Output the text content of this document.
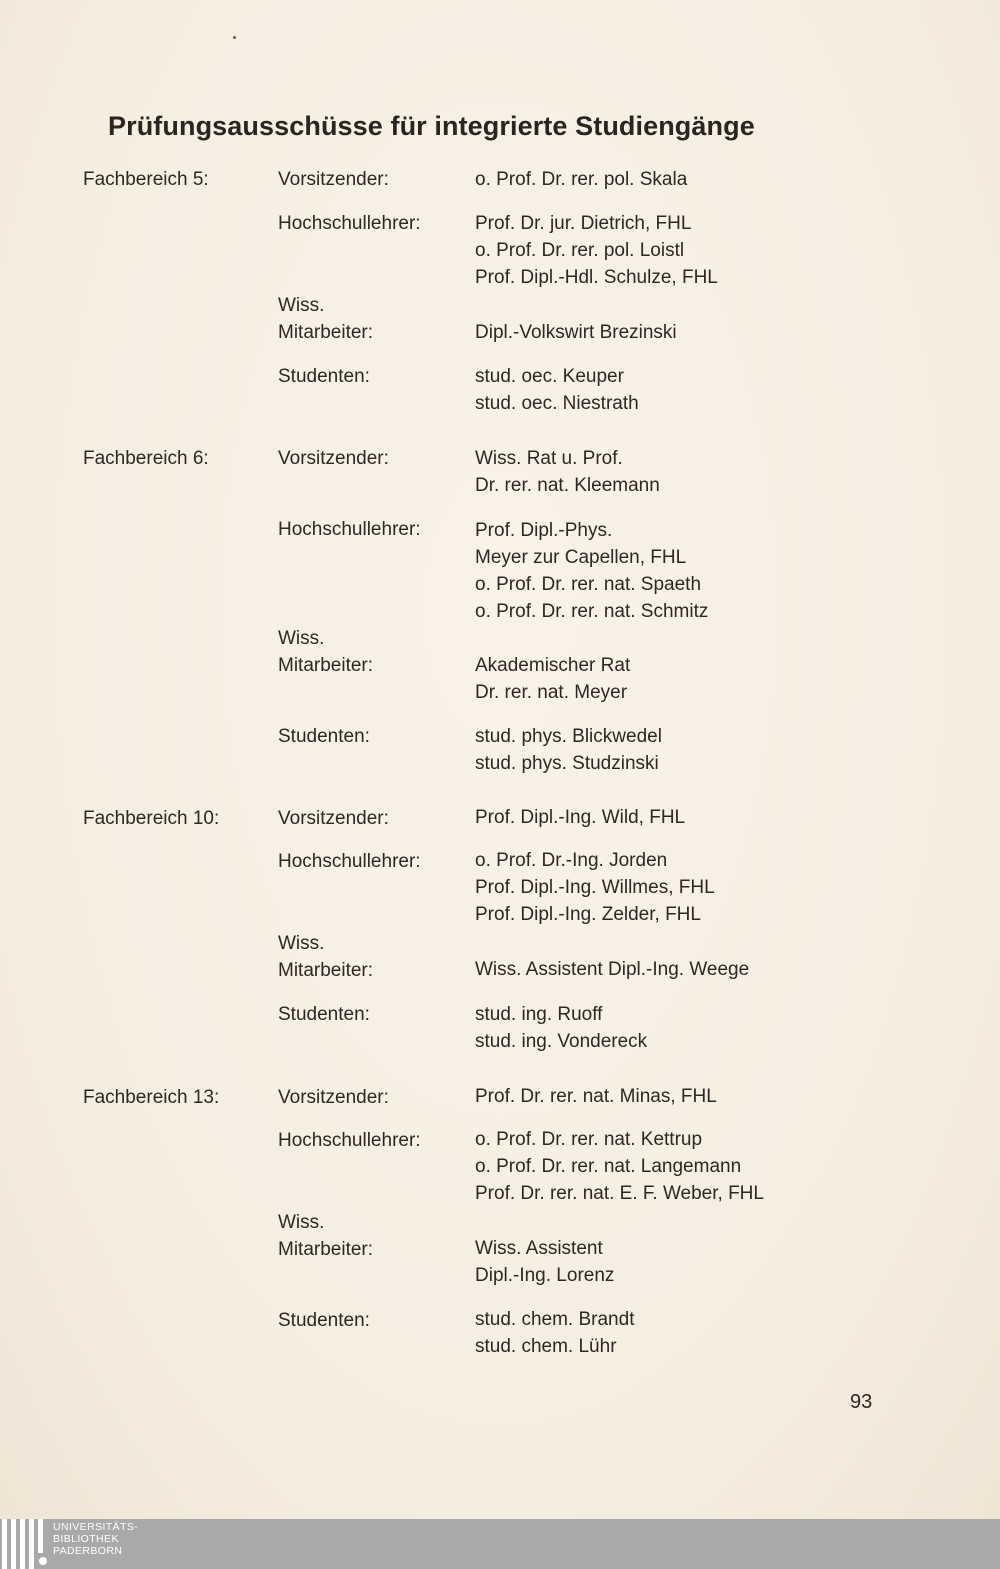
Prüfungsausschüsse für integrierte Studiengänge
Fachbereich 5:	Vorsitzender:	o. Prof. Dr. rer. pol. Skala
Hochschullehrer:	Prof. Dr. jur. Dietrich, FHL
o. Prof. Dr. rer. pol. Loistl
Prof. Dipl.-Hdl. Schulze, FHL
Wiss.
Mitarbeiter:	Dipl.-Volkswirt Brezinski
Studenten:	stud. oec. Keuper
stud. oec. Niestrath
Fachbereich 6:	Vorsitzender:	Wiss. Rat u. Prof.
Dr. rer. nat. Kleemann
Hochschullehrer:	Prof. Dipl.-Phys.
Meyer zur Capellen, FHL
o. Prof. Dr. rer. nat. Spaeth
o. Prof. Dr. rer. nat. Schmitz
Wiss.
Mitarbeiter:	Akademischer Rat
Dr. rer. nat. Meyer
Studenten:	stud. phys. Blickwedel
stud. phys. Studzinski
Fachbereich 10:	Vorsitzender:	Prof. Dipl.-Ing. Wild, FHL
Hochschullehrer:	o. Prof. Dr.-Ing. Jorden
Prof. Dipl.-Ing. Willmes, FHL
Prof. Dipl.-Ing. Zelder, FHL
Wiss.
Mitarbeiter:	Wiss. Assistent Dipl.-Ing. Weege
Studenten:	stud. ing. Ruoff
stud. ing. Vondereck
Fachbereich 13:	Vorsitzender:	Prof. Dr. rer. nat. Minas, FHL
Hochschullehrer:	o. Prof. Dr. rer. nat. Kettrup
o. Prof. Dr. rer. nat. Langemann
Prof. Dr. rer. nat. E. F. Weber, FHL
Wiss.
Mitarbeiter:	Wiss. Assistent
Dipl.-Ing. Lorenz
Studenten:	stud. chem. Brandt
stud. chem. Lühr
93
UNIVERSITÄTS-
BIBLIOTHEK
PADERBORN
